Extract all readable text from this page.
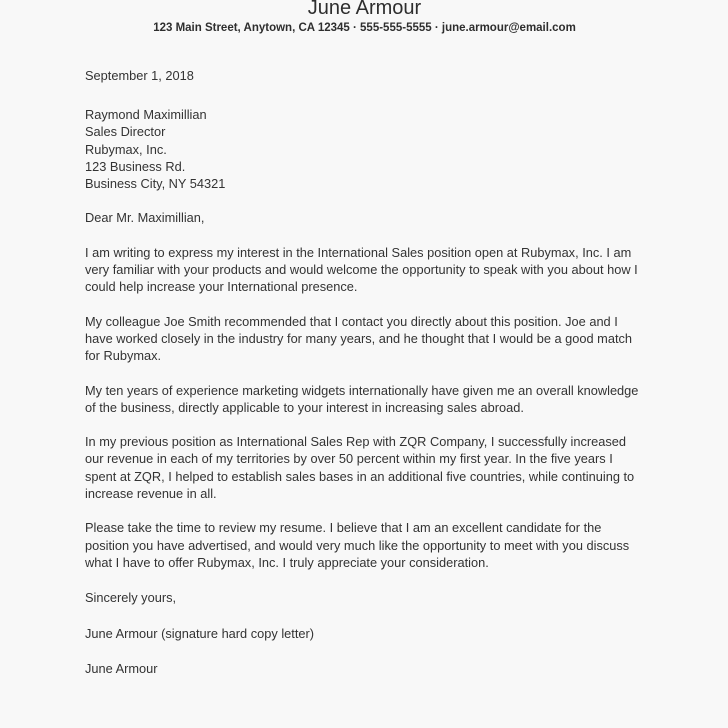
June Armour
123 Main Street, Anytown, CA 12345 · 555-555-5555 · june.armour@email.com
September 1, 2018
Raymond Maximillian
Sales Director
Rubymax, Inc.
123 Business Rd.
Business City, NY 54321
Dear Mr. Maximillian,
I am writing to express my interest in the International Sales position open at Rubymax, Inc. I am very familiar with your products and would welcome the opportunity to speak with you about how I could help increase your International presence.
My colleague Joe Smith recommended that I contact you directly about this position. Joe and I have worked closely in the industry for many years, and he thought that I would be a good match for Rubymax.
My ten years of experience marketing widgets internationally have given me an overall knowledge of the business, directly applicable to your interest in increasing sales abroad.
In my previous position as International Sales Rep with ZQR Company, I successfully increased our revenue in each of my territories by over 50 percent within my first year. In the five years I spent at ZQR, I helped to establish sales bases in an additional five countries, while continuing to increase revenue in all.
Please take the time to review my resume. I believe that I am an excellent candidate for the position you have advertised, and would very much like the opportunity to meet with you discuss what I have to offer Rubymax, Inc. I truly appreciate your consideration.
Sincerely yours,
June Armour (signature hard copy letter)
June Armour
